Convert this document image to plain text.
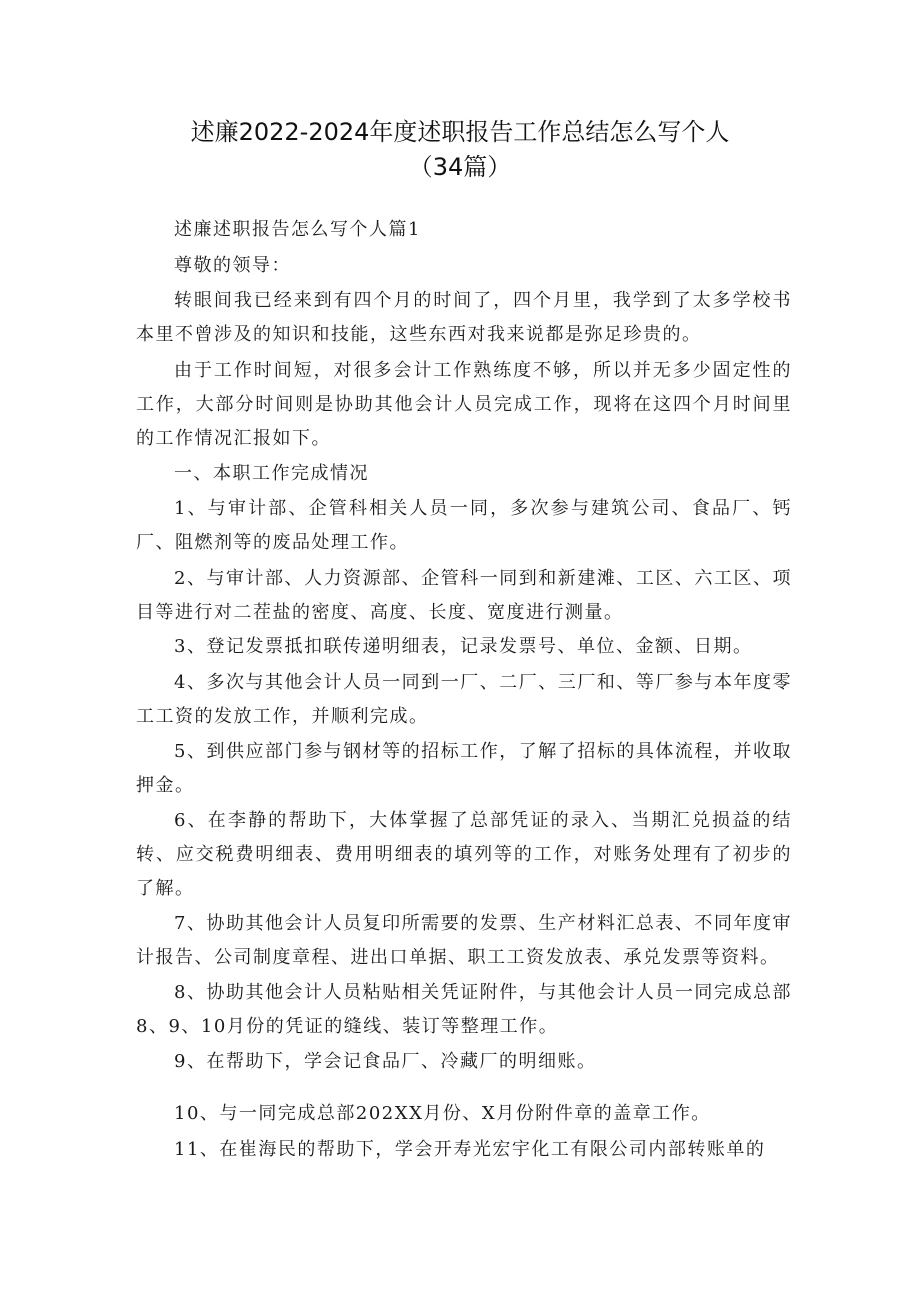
述廉2022-2024年度述职报告工作总结怎么写个人
（34篇）

述廉述职报告怎么写个人篇1

尊敬的领导：

转眼间我已经来到有四个月的时间了，四个月里，我学到了太多学校书本里不曾涉及的知识和技能，这些东西对我来说都是弥足珍贵的。

由于工作时间短，对很多会计工作熟练度不够，所以并无多少固定性的工作，大部分时间则是协助其他会计人员完成工作，现将在这四个月时间里的工作情况汇报如下。

一、本职工作完成情况

1、与审计部、企管科相关人员一同，多次参与建筑公司、食品厂、钙厂、阻燃剂等的废品处理工作。

2、与审计部、人力资源部、企管科一同到和新建滩、工区、六工区、项目等进行对二茬盐的密度、高度、长度、宽度进行测量。

3、登记发票抵扣联传递明细表，记录发票号、单位、金额、日期。

4、多次与其他会计人员一同到一厂、二厂、三厂和、等厂参与本年度零工工资的发放工作，并顺利完成。

5、到供应部门参与钢材等的招标工作，了解了招标的具体流程，并收取押金。

6、在李静的帮助下，大体掌握了总部凭证的录入、当期汇兑损益的结转、应交税费明细表、费用明细表的填列等的工作，对账务处理有了初步的了解。

7、协助其他会计人员复印所需要的发票、生产材料汇总表、不同年度审计报告、公司制度章程、进出口单据、职工工资发放表、承兑发票等资料。

8、协助其他会计人员粘贴相关凭证附件，与其他会计人员一同完成总部8、9、10月份的凭证的缝线、装订等整理工作。

9、在帮助下，学会记食品厂、冷藏厂的明细账。

10、与一同完成总部202XX月份、X月份附件章的盖章工作。

11、在崔海民的帮助下，学会开寿光宏宇化工有限公司内部转账单的
